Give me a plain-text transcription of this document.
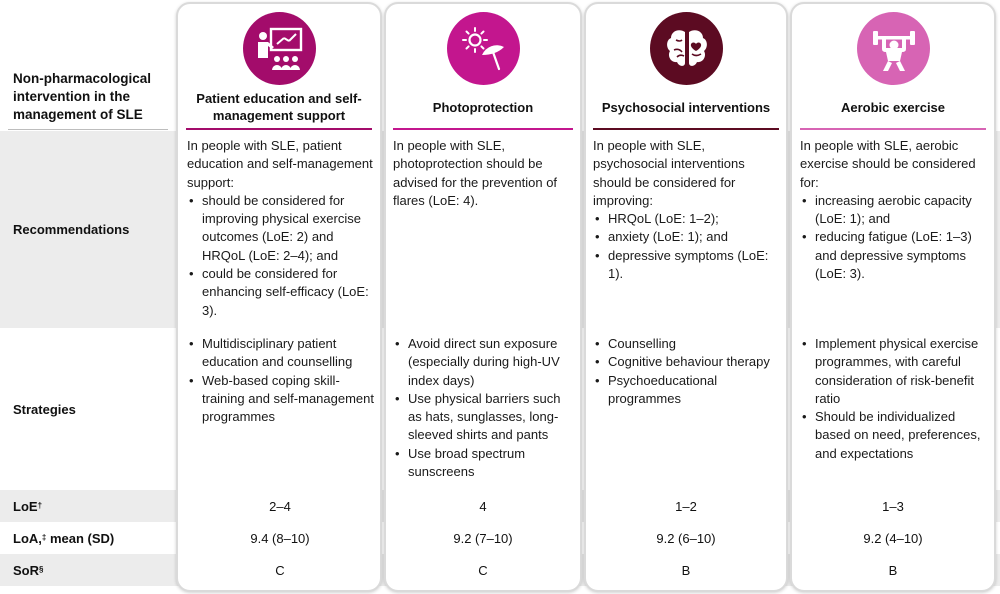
Non-pharmacological intervention in the management of SLE
Recommendations
Strategies
LoE †
LoA, ‡ mean (SD)
SoR §
Patient education and self-management support
In people with SLE, patient education and self-management support:
• should be considered for improving physical exercise outcomes (LoE: 2) and HRQoL (LoE: 2–4); and
• could be considered for enhancing self-efficacy (LoE: 3).
• Multidisciplinary patient education and counselling
• Web-based coping skill-training and self-management programmes
2–4
9.4 (8–10)
C
Photoprotection
In people with SLE, photoprotection should be advised for the prevention of flares (LoE: 4).
• Avoid direct sun exposure (especially during high-UV index days)
• Use physical barriers such as hats, sunglasses, long-sleeved shirts and pants
• Use broad spectrum sunscreens
4
9.2 (7–10)
C
Psychosocial interventions
In people with SLE, psychosocial interventions should be considered for improving:
• HRQoL (LoE: 1–2);
• anxiety (LoE: 1); and
• depressive symptoms (LoE: 1).
• Counselling
• Cognitive behaviour therapy
• Psychoeducational programmes
1–2
9.2 (6–10)
B
Aerobic exercise
In people with SLE, aerobic exercise should be considered for:
• increasing aerobic capacity (LoE: 1); and
• reducing fatigue (LoE: 1–3) and depressive symptoms (LoE: 3).
• Implement physical exercise programmes, with careful consideration of risk-benefit ratio
• Should be individualized based on need, preferences, and expectations
1–3
9.2 (4–10)
B
